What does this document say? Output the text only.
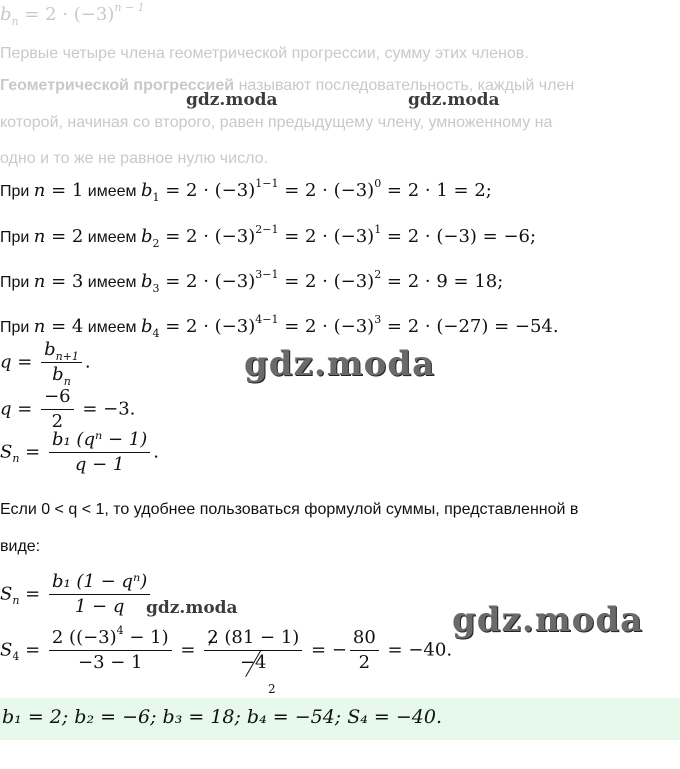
$b_n = 2 \cdot (-3)^{n - 1}$
Первые четыре члена геометрической прогрессии, сумму этих членов.
Геометрической прогрессией называют последовательность, каждый член
которой, начиная со второго, равен предыдущему члену, умноженному на
одно и то же не равное нулю число.
При n = 1 имеем $b_1 = 2 \cdot (-3)^{1-1} = 2 \cdot (-3)^0 = 2 \cdot 1 = 2$;
При n = 2 имеем $b_2 = 2 \cdot (-3)^{2-1} = 2 \cdot (-3)^1 = 2 \cdot (-3) = -6$;
При n = 3 имеем $b_3 = 2 \cdot (-3)^{3-1} = 2 \cdot (-3)^2 = 2 \cdot 9 = 18$;
При n = 4 имеем $b_4 = 2 \cdot (-3)^{4-1} = 2 \cdot (-3)^3 = 2 \cdot (-27) = -54$.
$q = \frac{b_{n+1}}{b_n}$ .
$q = \frac{-6}{2} = -3$.
$S_n = \frac{\text{b₁ (qⁿ − 1)}}{q - 1}$ .
Если 0 < q < 1, то удобнее пользоваться формулой суммы, представленной в
виде:
$S_n = \frac{\text{b₁ (1 − qⁿ)}}{1 - q}$
$S_4 = \frac{2 ((-3)^4 - 1)}{-3 - 1} = \frac{2 (81 - 1)}{-4}$ = − $\frac{80}{2} = -40$.
2
b₁ = 2; b₂ = −6; b₃ = 18; b₄ = −54; S₄ = −40.
gdz.moda	gdz.moda
gdz.moda
gdz.moda	gdz.moda
